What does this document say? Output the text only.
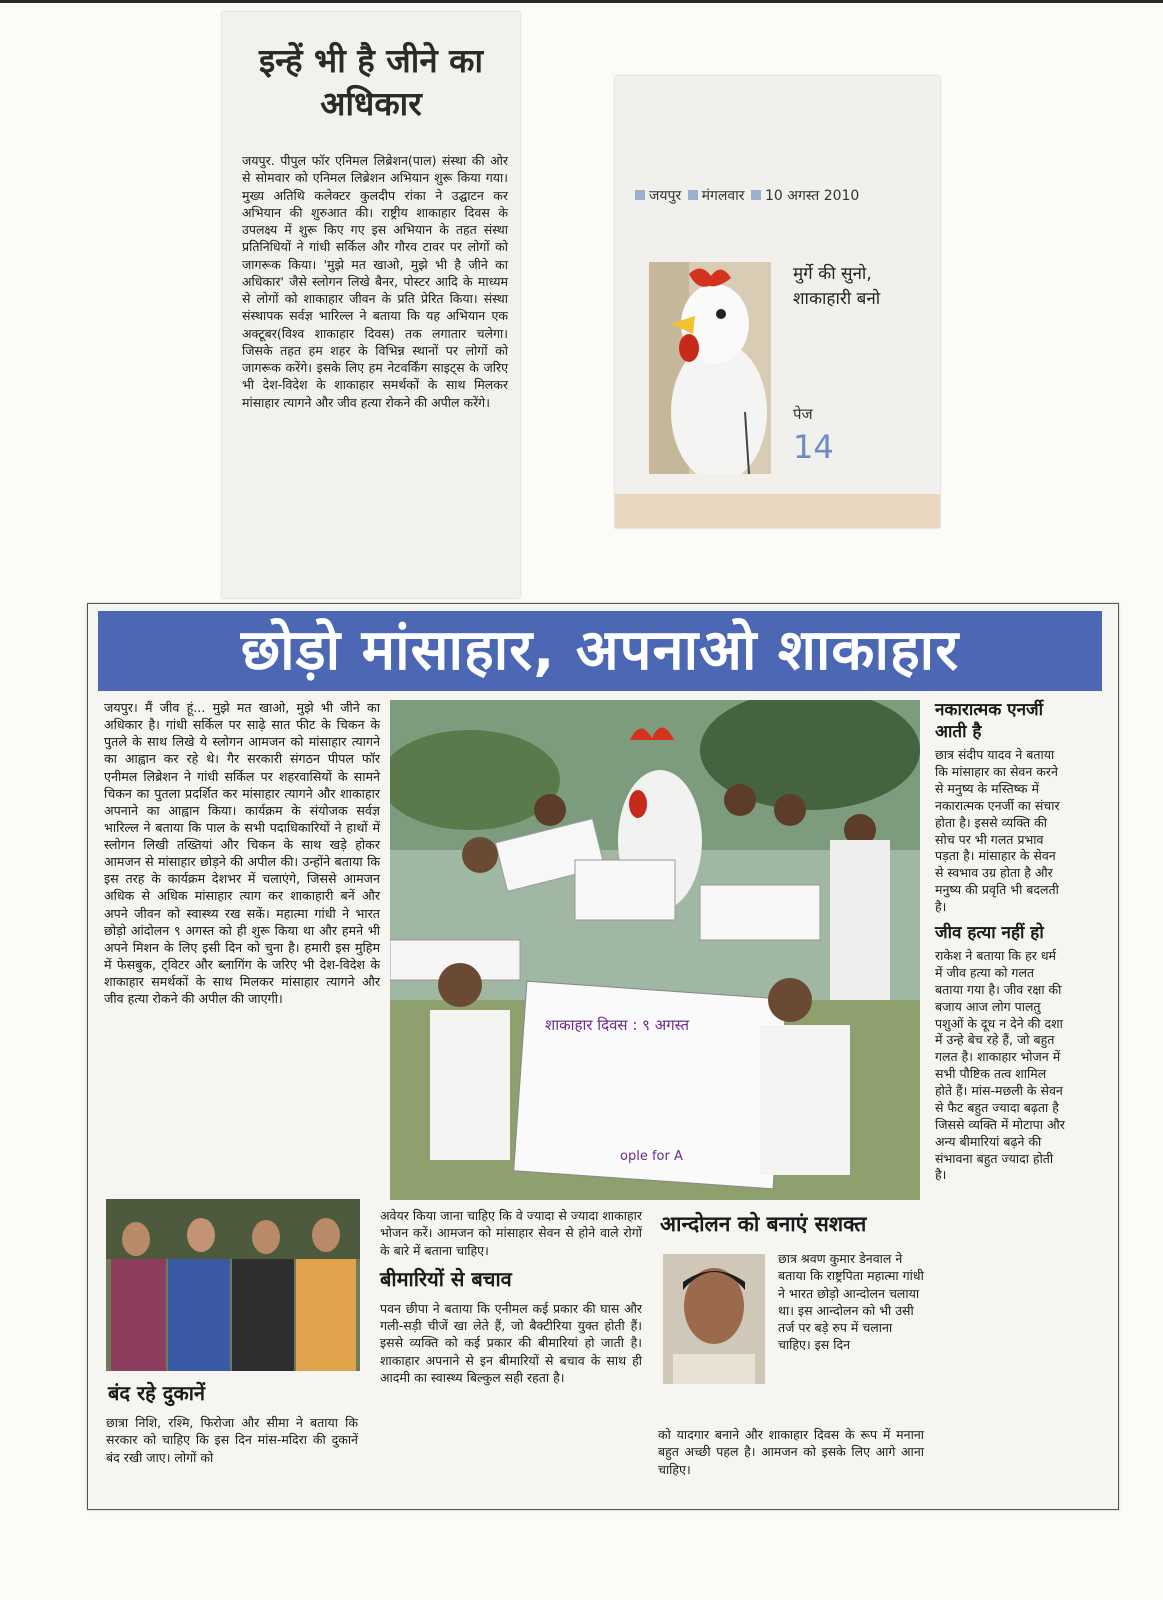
इन्हें भी है जीने का अधिकार

जयपुर. पीपुल फॉर एनिमल लिब्रेशन(पाल) संस्था की ओर से सोमवार को एनिमल लिब्रेशन अभियान शुरू किया गया। मुख्य अतिथि कलेक्टर कुलदीप रांका ने उद्घाटन कर अभियान की शुरुआत की। राष्ट्रीय शाकाहार दिवस के उपलक्ष्य में शुरू किए गए इस अभियान के तहत संस्था प्रतिनिधियों ने गांधी सर्किल और गौरव टावर पर लोगों को जागरूक किया। 'मुझे मत खाओ, मुझे भी है जीने का अधिकार' जैसे स्लोगन लिखे बैनर, पोस्टर आदि के माध्यम से लोगों को शाकाहार जीवन के प्रति प्रेरित किया। संस्था संस्थापक सर्वज्ञ भारिल्ल ने बताया कि यह अभियान एक अक्टूबर(विश्व शाकाहार दिवस) तक लगातार चलेगा। जिसके तहत हम शहर के विभिन्न स्थानों पर लोगों को जागरूक करेंगे। इसके लिए हम नेटवर्किंग साइट्स के जरिए भी देश-विदेश के शाकाहार समर्थकों के साथ मिलकर मांसाहार त्यागने और जीव हत्या रोकने की अपील करेंगे।

जयपुर मंगलवार 10 अगस्त 2010
मुर्गे की सुनो, शाकाहारी बनो
पेज
14
छोड़ो मांसाहार, अपनाओ शाकाहार

जयपुर। मैं जीव हूं... मुझे मत खाओ, मुझे भी जीने का अधिकार है। गांधी सर्किल पर साढ़े सात फीट के चिकन के पुतले के साथ लिखे ये स्लोगन आमजन को मांसाहार त्यागने का आह्वान कर रहे थे। गैर सरकारी संगठन पीपल फॉर एनीमल लिब्रेशन ने गांधी सर्किल पर शहरवासियों के सामने चिकन का पुतला प्रदर्शित कर मांसाहार त्यागने और शाकाहार अपनाने का आह्वान किया। कार्यक्रम के संयोजक सर्वज्ञ भारिल्ल ने बताया कि पाल के सभी पदाधिकारियों ने हाथों में स्लोगन लिखी तख्तियां और चिकन के साथ खड़े होकर आमजन से मांसाहार छोड़ने की अपील की। उन्होंने बताया कि इस तरह के कार्यक्रम देशभर में चलाएंगे, जिससे आमजन अधिक से अधिक मांसाहार त्याग कर शाकाहारी बनें और अपने जीवन को स्वास्थ्य रख सकें। महात्मा गांधी ने भारत छोड़ो आंदोलन ९ अगस्त को ही शुरू किया था और हमने भी अपने मिशन के लिए इसी दिन को चुना है। हमारी इस मुहिम में फेसबुक, ट्विटर और ब्लागिंग के जरिए भी देश-विदेश के शाकाहार समर्थकों के साथ मिलकर मांसाहार त्यागने और जीव हत्या रोकने की अपील की जाएगी।

शाकाहार दिवस : ९ अगस्त
ople for A
नकारात्मक एनर्जी आती है

छात्र संदीप यादव ने बताया कि मांसाहार का सेवन करने से मनुष्य के मस्तिष्क में नकारात्मक एनर्जी का संचार होता है। इससे व्यक्ति की सोच पर भी गलत प्रभाव पड़ता है। मांसाहार के सेवन से स्वभाव उग्र होता है और मनुष्य की प्रवृति भी बदलती है।

जीव हत्या नहीं हो

राकेश ने बताया कि हर धर्म में जीव हत्या को गलत बताया गया है। जीव रक्षा की बजाय आज लोग पालतु पशुओं के दूध न देने की दशा में उन्हे बेच रहे हैं, जो बहुत गलत है। शाकाहार भोजन में सभी पौष्टिक तत्व शामिल होते हैं। मांस-मछली के सेवन से फैट बहुत ज्यादा बढ़ता है जिससे व्यक्ति में मोटापा और अन्य बीमारियां बढ़ने की संभावना बहुत ज्यादा होती है।

बंद रहे दुकानें

छात्रा निशि, रश्मि, फिरोजा और सीमा ने बताया कि सरकार को चाहिए कि इस दिन मांस-मदिरा की दुकानें बंद रखी जाए। लोगों को

अवेयर किया जाना चाहिए कि वे ज्यादा से ज्यादा शाकाहार भोजन करें। आमजन को मांसाहार सेवन से होने वाले रोगों के बारे में बताना चाहिए।

बीमारियों से बचाव

पवन छीपा ने बताया कि एनीमल कई प्रकार की घास और गली-सड़ी चीजें खा लेते हैं, जो बैक्टीरिया युक्त होती हैं। इससे व्यक्ति को कई प्रकार की बीमारियां हो जाती है। शाकाहार अपनाने से इन बीमारियों से बचाव के साथ ही आदमी का स्वास्थ्य बिल्कुल सही रहता है।

आन्दोलन को बनाएं सशक्त

छात्र श्रवण कुमार डेनवाल ने बताया कि राष्ट्रपिता महात्मा गांधी ने भारत छोड़ो आन्दोलन चलाया था। इस आन्दोलन को भी उसी तर्ज पर बड़े रुप में चलाना चाहिए। इस दिन

को यादगार बनाने और शाकाहार दिवस के रूप में मनाना बहुत अच्छी पहल है। आमजन को इसके लिए आगे आना चाहिए।
